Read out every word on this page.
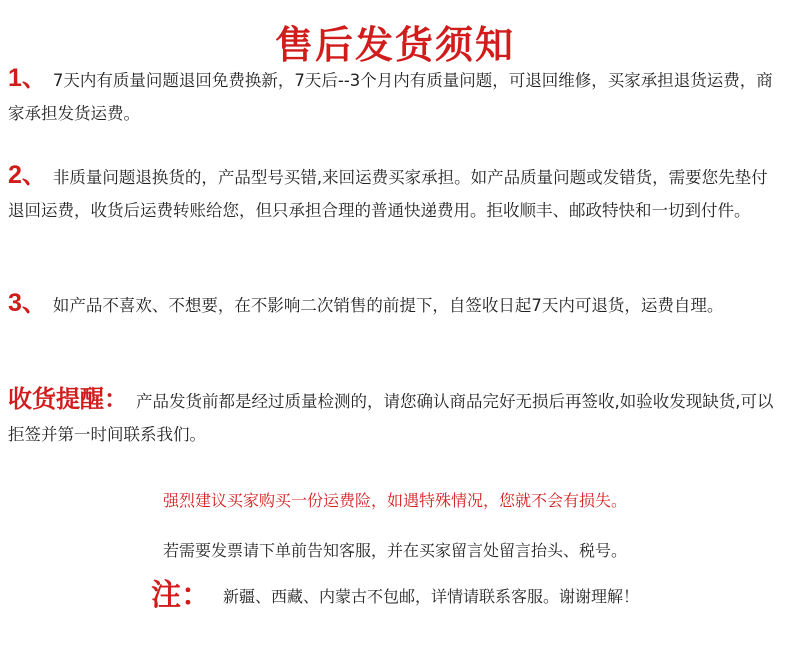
售后发货须知
1、 7天内有质量问题退回免费换新，7天后--3个月内有质量问题，可退回维修，买家承担退货运费，商家承担发货运费。
2、 非质量问题退换货的，产品型号买错,来回运费买家承担。如产品质量问题或发错货，需要您先垫付退回运费，收货后运费转账给您，但只承担合理的普通快递费用。拒收顺丰、邮政特快和一切到付件。
3、 如产品不喜欢、不想要，在不影响二次销售的前提下，自签收日起7天内可退货，运费自理。
收货提醒： 产品发货前都是经过质量检测的，请您确认商品完好无损后再签收,如验收发现缺货,可以拒签并第一时间联系我们。
强烈建议买家购买一份运费险，如遇特殊情况，您就不会有损失。
若需要发票请下单前告知客服，并在买家留言处留言抬头、税号。
注： 新疆、西藏、内蒙古不包邮，详情请联系客服。谢谢理解！
